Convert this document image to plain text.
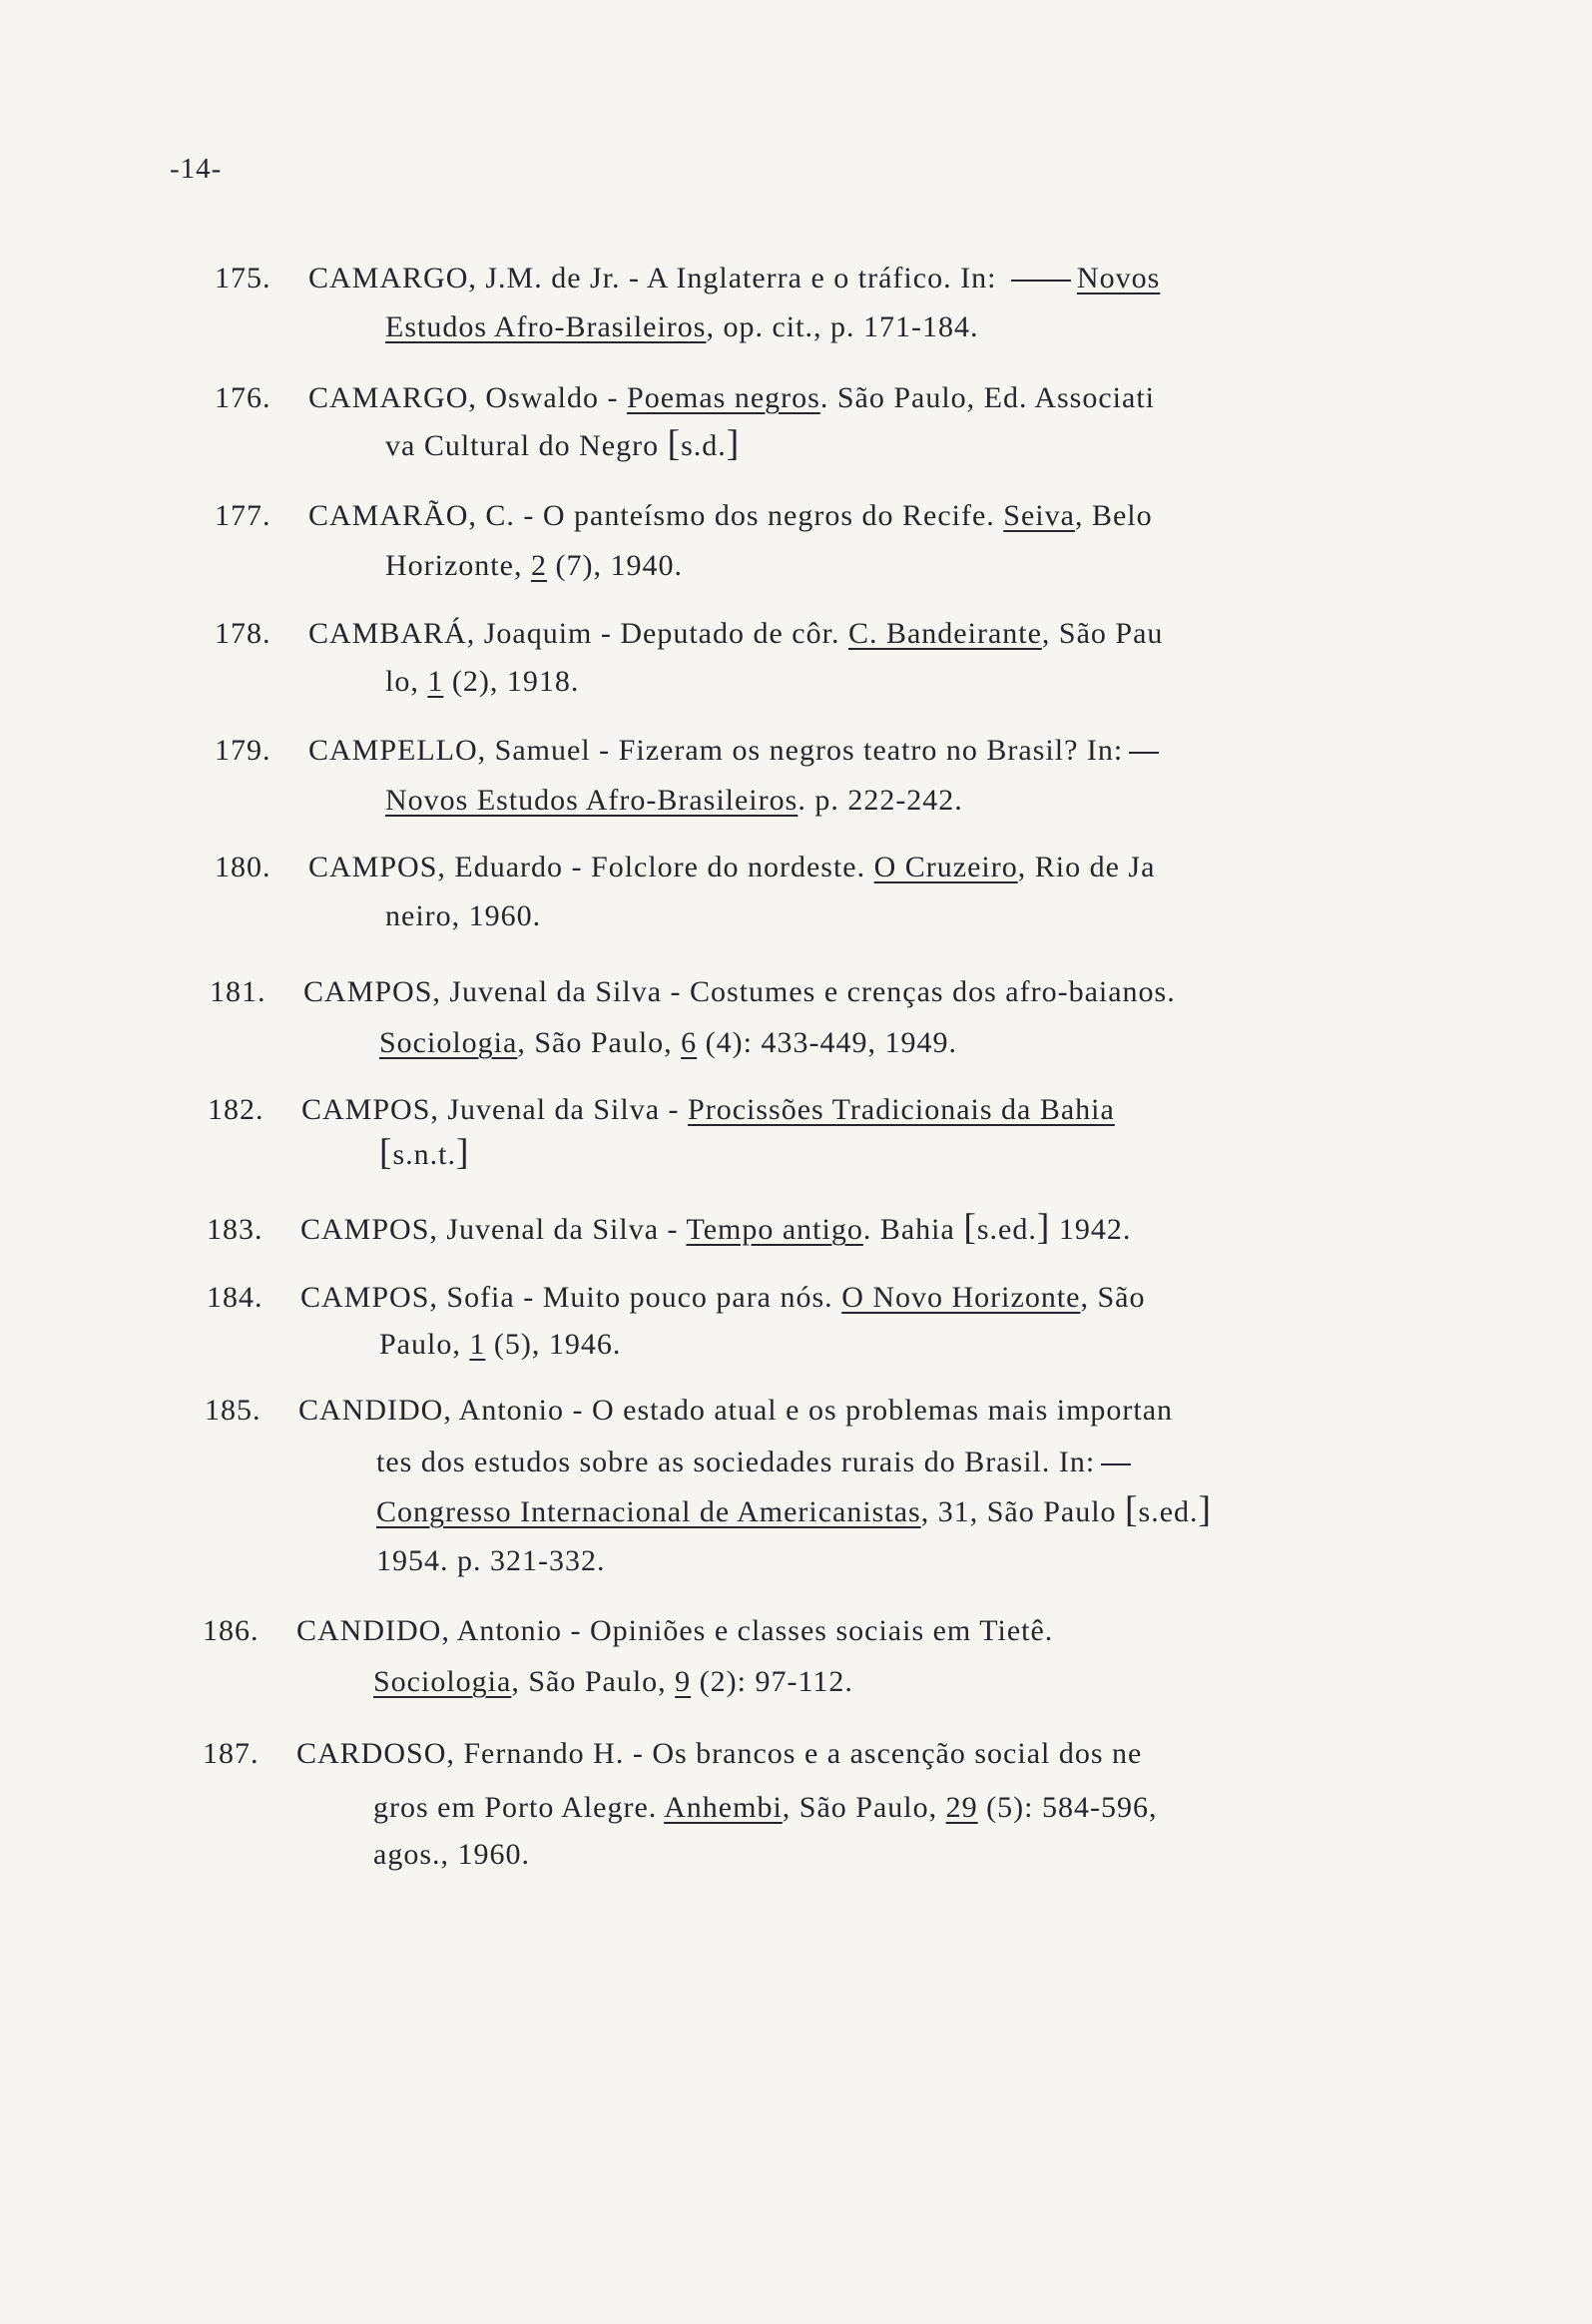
-14-
175. CAMARGO, J.M. de Jr. - A Inglaterra e o tráfico. In: Novos
Estudos Afro-Brasileiros, op. cit., p. 171-184.
176. CAMARGO, Oswaldo - Poemas negros. São Paulo, Ed. Associati
va Cultural do Negro [s.d.]
177. CAMARÃO, C. - O panteísmo dos negros do Recife. Seiva, Belo
Horizonte, 2 (7), 1940.
178. CAMBARÁ, Joaquim - Deputado de côr. C. Bandeirante, São Pau
lo, 1 (2), 1918.
179. CAMPELLO, Samuel - Fizeram os negros teatro no Brasil? In:
Novos Estudos Afro-Brasileiros. p. 222-242.
180. CAMPOS, Eduardo - Folclore do nordeste. O Cruzeiro, Rio de Ja
neiro, 1960.
181. CAMPOS, Juvenal da Silva - Costumes e crenças dos afro-baianos.
Sociologia, São Paulo, 6 (4): 433-449, 1949.
182. CAMPOS, Juvenal da Silva - Procissões Tradicionais da Bahia
[s.n.t.]
183. CAMPOS, Juvenal da Silva - Tempo antigo. Bahia [s.ed.] 1942.
184. CAMPOS, Sofia - Muito pouco para nós. O Novo Horizonte, São
Paulo, 1 (5), 1946.
185. CANDIDO, Antonio - O estado atual e os problemas mais importan
tes dos estudos sobre as sociedades rurais do Brasil. In:
Congresso Internacional de Americanistas, 31, São Paulo [s.ed.]
1954. p. 321-332.
186. CANDIDO, Antonio - Opiniões e classes sociais em Tietê.
Sociologia, São Paulo, 9 (2): 97-112.
187. CARDOSO, Fernando H. - Os brancos e a ascenção social dos ne
gros em Porto Alegre. Anhembi, São Paulo, 29 (5): 584-596,
agos., 1960.
